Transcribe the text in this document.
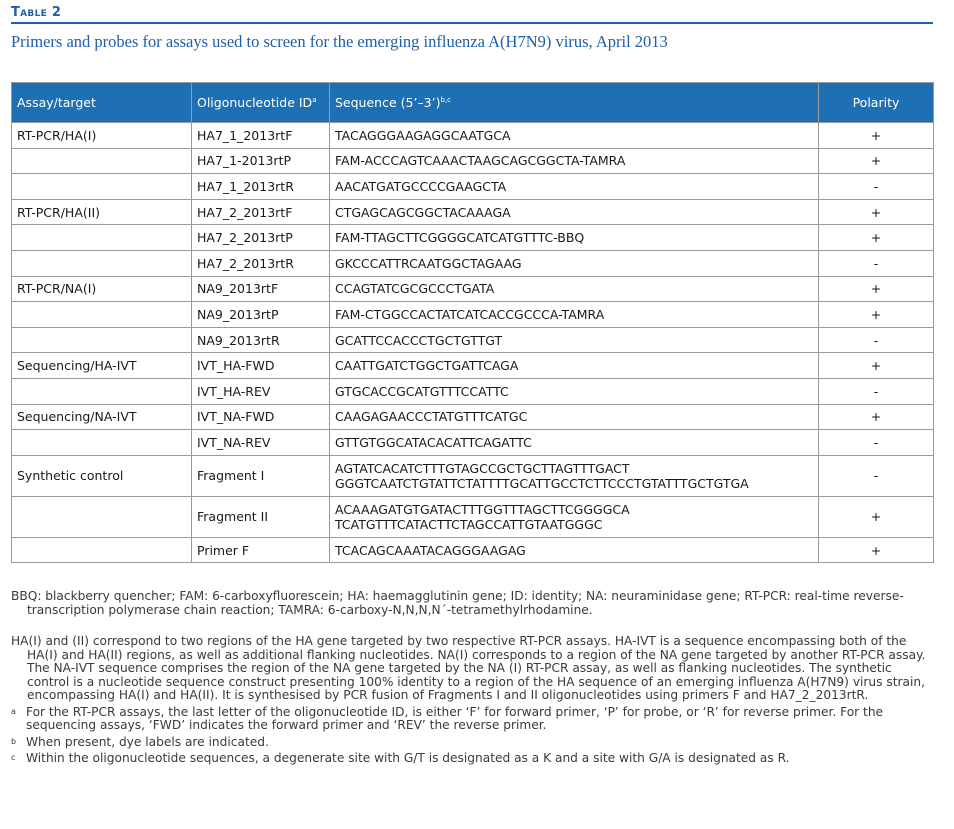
Table 2
Primers and probes for assays used to screen for the emerging influenza A(H7N9) virus, April 2013
Assay/target	Oligonucleotide $ID^a$	Sequence (5’–3’)$^{b,c}$	Polarity
RT-PCR/HA(I)	HA7_1_2013rtF	TACAGGGAAGAGGCAATGCA	+
	HA7_1-2013rtP	FAM-ACCCAGTCAAACTAAGCAGCGGCTA-TAMRA	+
	HA7_1_2013rtR	AACATGATGCCCCGAAGCTA	-
RT-PCR/HA(II)	HA7_2_2013rtF	CTGAGCAGCGGCTACAAAGA	+
	HA7_2_2013rtP	FAM-TTAGCTTCGGGGCATCATGTTTC-BBQ	+
	HA7_2_2013rtR	GKCCCATTRCAATGGCTAGAAG	-
RT-PCR/NA(I)	NA9_2013rtF	CCAGTATCGCGCCCTGATA	+
	NA9_2013rtP	FAM-CTGGCCACTATCATCACCGCCCA-TAMRA	+
	NA9_2013rtR	GCATTCCACCCTGCTGTTGT	-
Sequencing/HA-IVT	IVT_HA-FWD	CAATTGATCTGGCTGATTCAGA	+
	IVT_HA-REV	GTGCACCGCATGTTTCCATTC	-
Sequencing/NA-IVT	IVT_NA-FWD	CAAGAGAACCCTATGTTTCATGC	+
	IVT_NA-REV	GTTGTGGCATACACATTCAGATTC	-
Synthetic control	Fragment I	AGTATCACATCTTTGTAGCCGCTGCTTAGTTTGACT
GGGTCAATCTGTATTCTATTTTGCATTGCCTCTTCCCTGTATTTGCTGTGA	-
	Fragment II	ACAAAGATGTGATACTTTGGTTTAGCTTCGGGGCA
TCATGTTTCATACTTCTAGCCATTGTAATGGGC	+
	Primer F	TCACAGCAAATACAGGGAAGAG	+
BBQ: blackberry quencher; FAM: 6-carboxyfluorescein; HA: haemagglutinin gene; ID: identity; NA: neuraminidase gene; RT-PCR: real-time reverse-transcription polymerase chain reaction; TAMRA: 6-carboxy-N,N,N,N´-tetramethylrhodamine.
HA(I) and (II) correspond to two regions of the HA gene targeted by two respective RT-PCR assays. HA-IVT is a sequence encompassing both of the HA(I) and HA(II) regions, as well as additional flanking nucleotides. NA(I) corresponds to a region of the NA gene targeted by another RT-PCR assay. The NA-IVT sequence comprises the region of the NA gene targeted by the NA (I) RT-PCR assay, as well as flanking nucleotides. The synthetic control is a nucleotide sequence construct presenting 100% identity to a region of the HA sequence of an emerging influenza A(H7N9) virus strain, encompassing HA(I) and HA(II). It is synthesised by PCR fusion of Fragments I and II oligonucleotides using primers F and HA7_2_2013rtR.
a For the RT-PCR assays, the last letter of the oligonucleotide ID, is either ‘F’ for forward primer, ‘P’ for probe, or ‘R’ for reverse primer. For the sequencing assays, ‘FWD’ indicates the forward primer and ‘REV’ the reverse primer.
b When present, dye labels are indicated.
c Within the oligonucleotide sequences, a degenerate site with G/T is designated as a K and a site with G/A is designated as R.
